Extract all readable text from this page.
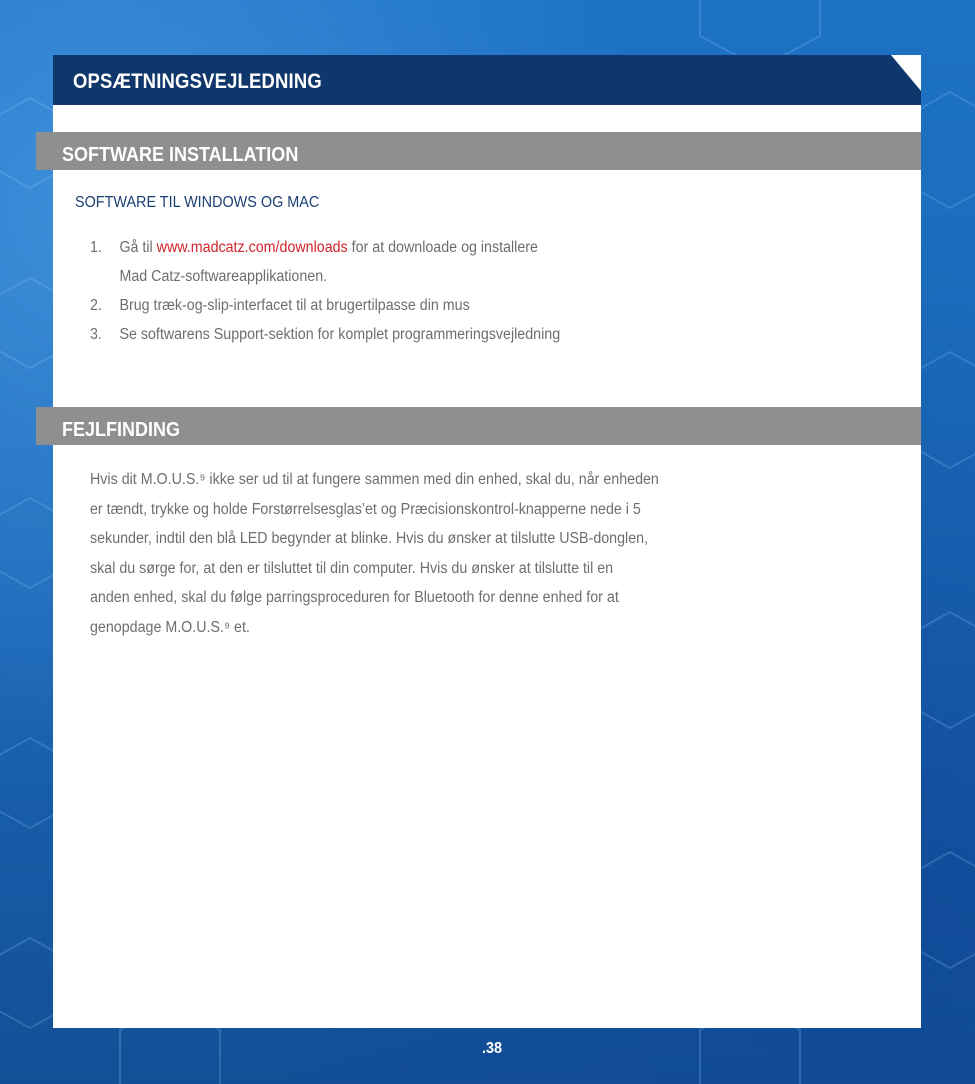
OPSÆTNINGSVEJLEDNING
SOFTWARE INSTALLATION
SOFTWARE TIL WINDOWS OG MAC
1.	Gå til www.madcatz.com/downloads for at downloade og installere
Mad Catz-softwareapplikationen.
2.	Brug træk-og-slip-interfacet til at brugertilpasse din mus
3.	Se softwarens Support-sektion for komplet programmeringsvejledning
FEJLFINDING
Hvis dit M.O.U.S.⁹ ikke ser ud til at fungere sammen med din enhed, skal du, når enheden
er tændt, trykke og holde Forstørrelsesglas’et og Præcisionskontrol-knapperne nede i 5
sekunder, indtil den blå LED begynder at blinke. Hvis du ønsker at tilslutte USB-donglen,
skal du sørge for, at den er tilsluttet til din computer. Hvis du ønsker at tilslutte til en
anden enhed, skal du følge parringsproceduren for Bluetooth for denne enhed for at
genopdage M.O.U.S.⁹ et.
.38
